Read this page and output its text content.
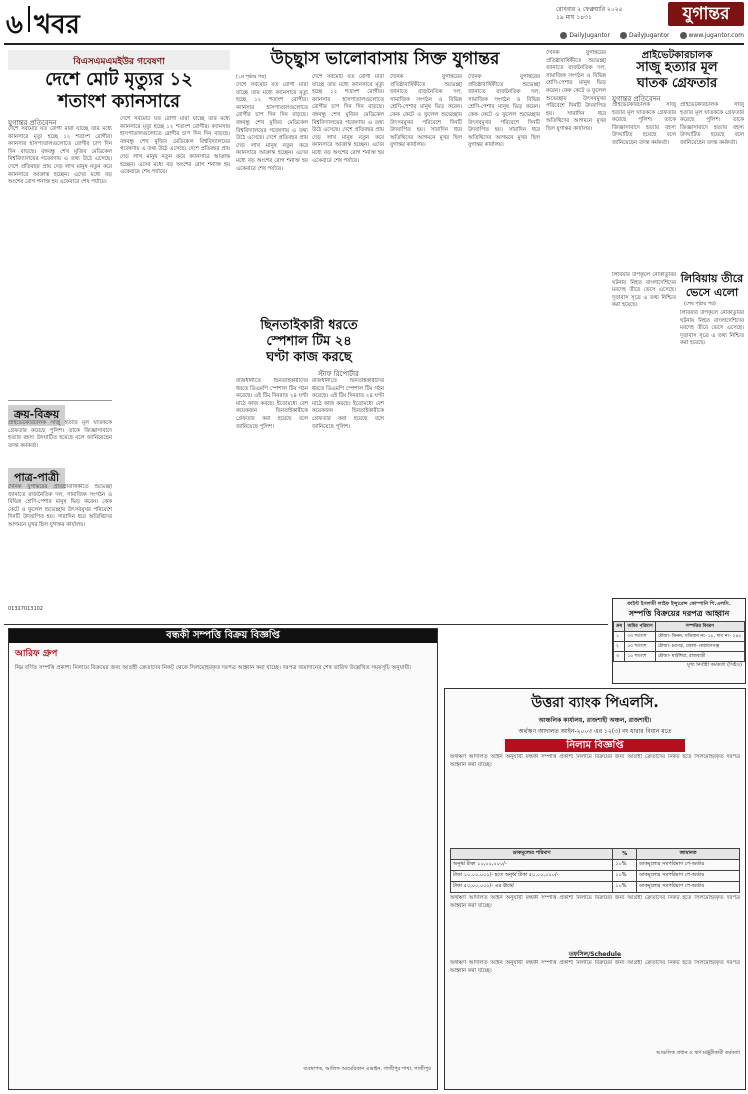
৬ খবর
রোববার ২ ফেব্রুয়ারি ২০২৫
১৯ মাঘ ১৪৩১	যুগান্তর
DailyJugantor	DailyJugantor	www.jugantor.com
বিএসএমএমইউর গবেষণা
দেশে মোট মৃত্যুর ১২
শতাংশ ক্যানসারে
যুগান্তর প্রতিবেদন
দেশে সর্বমোট যত রোগী মারা যাচ্ছে তার মধ্যে ক্যানসারে মৃত্যু হচ্ছে ১২ শতাংশ রোগীর। ক্যানসার হাসপাতালগুলোতে রোগীর চাপ দিন দিন বাড়ছে। বঙ্গবন্ধু শেখ মুজিব মেডিকেল বিশ্ববিদ্যালয়ের গবেষণায় এ তথ্য উঠে এসেছে। দেশে প্রতিবছর প্রায় দেড় লাখ মানুষ নতুন করে ক্যানসারে আক্রান্ত হচ্ছেন। এদের মধ্যে বড় অংশের রোগ শনাক্ত হয় একেবারে শেষ পর্যায়ে।
দেশে সর্বমোট যত রোগী মারা যাচ্ছে তার মধ্যে ক্যানসারে মৃত্যু হচ্ছে ১২ শতাংশ রোগীর। ক্যানসার হাসপাতালগুলোতে রোগীর চাপ দিন দিন বাড়ছে। বঙ্গবন্ধু শেখ মুজিব মেডিকেল বিশ্ববিদ্যালয়ের গবেষণায় এ তথ্য উঠে এসেছে। দেশে প্রতিবছর প্রায় দেড় লাখ মানুষ নতুন করে ক্যানসারে আক্রান্ত হচ্ছেন। এদের মধ্যে বড় অংশের রোগ শনাক্ত হয় একেবারে শেষ পর্যায়ে।
ক্রয়-বিক্রয়
প্রাইভেটকারচালক সাজু হত্যার মূল ঘাতককে গ্রেফতার করেছে পুলিশ। তাকে জিজ্ঞাসাবাদে হত্যার রহস্য উদঘাটিত হয়েছে বলে জানিয়েছেন তদন্ত কর্মকর্তা।
পাত্র-পাত্রী
দৈনিক যুগান্তরের প্রতিষ্ঠাবার্ষিকীতে শুভেচ্ছা জানাতে রাজনৈতিক দল, সামাজিক সংগঠন ও বিভিন্ন শ্রেণি-পেশার মানুষ ভিড় করেন। কেক কেটে ও ফুলেল শুভেচ্ছায় উৎসবমুখর পরিবেশে দিনটি উদযাপিত হয়। সারাদিন ধরে অতিথিদের আগমনে মুখর ছিল যুগান্তর কার্যালয়।
01317013102
উচ্ছ্বাস ভালোবাসায় সিক্ত যুগান্তর
(১ম পৃষ্ঠার পর)
দেশে সর্বমোট যত রোগী মারা যাচ্ছে তার মধ্যে ক্যানসারে মৃত্যু হচ্ছে ১২ শতাংশ রোগীর। ক্যানসার হাসপাতালগুলোতে রোগীর চাপ দিন দিন বাড়ছে। বঙ্গবন্ধু শেখ মুজিব মেডিকেল বিশ্ববিদ্যালয়ের গবেষণায় এ তথ্য উঠে এসেছে। দেশে প্রতিবছর প্রায় দেড় লাখ মানুষ নতুন করে ক্যানসারে আক্রান্ত হচ্ছেন। এদের মধ্যে বড় অংশের রোগ শনাক্ত হয় একেবারে শেষ পর্যায়ে।
দেশে সর্বমোট যত রোগী মারা যাচ্ছে তার মধ্যে ক্যানসারে মৃত্যু হচ্ছে ১২ শতাংশ রোগীর। ক্যানসার হাসপাতালগুলোতে রোগীর চাপ দিন দিন বাড়ছে। বঙ্গবন্ধু শেখ মুজিব মেডিকেল বিশ্ববিদ্যালয়ের গবেষণায় এ তথ্য উঠে এসেছে। দেশে প্রতিবছর প্রায় দেড় লাখ মানুষ নতুন করে ক্যানসারে আক্রান্ত হচ্ছেন। এদের মধ্যে বড় অংশের রোগ শনাক্ত হয় একেবারে শেষ পর্যায়ে।
দৈনিক যুগান্তরের প্রতিষ্ঠাবার্ষিকীতে শুভেচ্ছা জানাতে রাজনৈতিক দল, সামাজিক সংগঠন ও বিভিন্ন শ্রেণি-পেশার মানুষ ভিড় করেন। কেক কেটে ও ফুলেল শুভেচ্ছায় উৎসবমুখর পরিবেশে দিনটি উদযাপিত হয়। সারাদিন ধরে অতিথিদের আগমনে মুখর ছিল যুগান্তর কার্যালয়।
দৈনিক যুগান্তরের প্রতিষ্ঠাবার্ষিকীতে শুভেচ্ছা জানাতে রাজনৈতিক দল, সামাজিক সংগঠন ও বিভিন্ন শ্রেণি-পেশার মানুষ ভিড় করেন। কেক কেটে ও ফুলেল শুভেচ্ছায় উৎসবমুখর পরিবেশে দিনটি উদযাপিত হয়। সারাদিন ধরে অতিথিদের আগমনে মুখর ছিল যুগান্তর কার্যালয়।
ছিনতাইকারী ধরতে
স্পেশাল টিম ২৪
ঘণ্টা কাজ করছে
স্টাফ রিপোর্টার
রাজধানীতে ছিনতাইকারীদের ধরতে ডিএমপি স্পেশাল টিম গঠন করেছে। এই টিম দিনরাত ২৪ ঘণ্টা মাঠে কাজ করছে। ইতোমধ্যে বেশ কয়েকজন ছিনতাইকারীকে গ্রেফতার করা হয়েছে বলে জানিয়েছে পুলিশ।
রাজধানীতে ছিনতাইকারীদের ধরতে ডিএমপি স্পেশাল টিম গঠন করেছে। এই টিম দিনরাত ২৪ ঘণ্টা মাঠে কাজ করছে। ইতোমধ্যে বেশ কয়েকজন ছিনতাইকারীকে গ্রেফতার করা হয়েছে বলে জানিয়েছে পুলিশ।
দৈনিক যুগান্তরের প্রতিষ্ঠাবার্ষিকীতে শুভেচ্ছা জানাতে রাজনৈতিক দল, সামাজিক সংগঠন ও বিভিন্ন শ্রেণি-পেশার মানুষ ভিড় করেন। কেক কেটে ও ফুলেল শুভেচ্ছায় উৎসবমুখর পরিবেশে দিনটি উদযাপিত হয়। সারাদিন ধরে অতিথিদের আগমনে মুখর ছিল যুগান্তর কার্যালয়।
প্রাইভেটকারচালক
সাজু হত্যার মূল
ঘাতক গ্রেফতার
যুগান্তর প্রতিবেদন
প্রাইভেটকারচালক সাজু হত্যার মূল ঘাতককে গ্রেফতার করেছে পুলিশ। তাকে জিজ্ঞাসাবাদে হত্যার রহস্য উদঘাটিত হয়েছে বলে জানিয়েছেন তদন্ত কর্মকর্তা।
প্রাইভেটকারচালক সাজু হত্যার মূল ঘাতককে গ্রেফতার করেছে পুলিশ। তাকে জিজ্ঞাসাবাদে হত্যার রহস্য উদঘাটিত হয়েছে বলে জানিয়েছেন তদন্ত কর্মকর্তা।
লিবিয়ায় তীরে
ভেসে এলো
(শেষ পৃষ্ঠার পর)
লিবিয়ার উপকূলে নৌকাডুবির ঘটনায় নিহত বাংলাদেশিদের মরদেহ তীরে ভেসে এসেছে। দূতাবাস সূত্রে এ তথ্য নিশ্চিত করা হয়েছে।
লিবিয়ার উপকূলে নৌকাডুবির ঘটনায় নিহত বাংলাদেশিদের মরদেহ তীরে ভেসে এসেছে। দূতাবাস সূত্রে এ তথ্য নিশ্চিত করা হয়েছে।
ফাইন্ট ইসলামী লাইফ ইন্স্যুরেন্স কোম্পানি পি.এলসি.
সম্পত্তি বিক্রয়ের দরপত্র আহ্বান
ক্রম	জমির পরিমাণ	সম্পত্তির বিবরণ
১	৩৩ শতাংশ	মৌজা- ডিনন, খতিয়ান নং- ১৮, দাগ নং- ২৪৫
২	৫০ শতাংশ	মৌজা- চরগড়, জেলা- নারায়ণগঞ্জ
৩	১৫ শতাংশ	মৌজা- ঘাটশিয়া, রাজবাড়ী
মুখ্য নির্বাহী কর্মকর্তা (সিইও)
বন্ধকী সম্পত্তি বিক্রয় বিজ্ঞপ্তি
আরিফ গ্রুপ
নিম্ন বর্ণিত সম্পত্তি প্রকাশ্য নিলামে বিক্রয়ের জন্য আগ্রহী ক্রেতাদের নিকট থেকে সিলমোহরকৃত দরপত্র আহ্বান করা যাচ্ছে। দরপত্র জমাদানের শেষ তারিখ উল্লেখিত সময়সূচি অনুযায়ী।
ব্যবস্থাপক, আলিফ আমেরিকান এভাইন, গাজীপুর শাখা, গাজীপুর
উত্তরা ব্যাংক পিএলসি.
আঞ্চলিক কার্যালয়, রাজশাহী অঞ্চল, রাজশাহী।
অর্থঋণ আদালত আইন-২০০৩ এর ১২(৩) নং ধারার বিধান মতে
নিলাম বিজ্ঞপ্তি
অর্থঋণ আদালত আইন অনুযায়ী বন্ধকী সম্পত্তি প্রকাশ্য নিলামে বিক্রয়ের জন্য আগ্রহী ক্রেতাদের নিকট হতে সিলমোহরকৃত দরপত্র আহ্বান করা যাচ্ছে।
ডাকমূল্যের পরিমাণ	%	জামানত
অনূর্ধ্ব টাকা ১০,০০,০০০/-	১০%	ডাকমূল্যের সমপরিমাণ পে-অর্ডার
টাকা ১০,০০,০০১/- হতে অনূর্ধ্ব টাকা ৫০,০০,০০০/-	১০%	ডাকমূল্যের সমপরিমাণ পে-অর্ডার
টাকা ৫০,০০,০০১/- এর ঊর্ধ্বে	১০%	ডাকমূল্যের সমপরিমাণ পে-অর্ডার
অর্থঋণ আদালত আইন অনুযায়ী বন্ধকী সম্পত্তি প্রকাশ্য নিলামে বিক্রয়ের জন্য আগ্রহী ক্রেতাদের নিকট হতে সিলমোহরকৃত দরপত্র আহ্বান করা যাচ্ছে।
তফসিল/Schedule
অর্থঋণ আদালত আইন অনুযায়ী বন্ধকী সম্পত্তি প্রকাশ্য নিলামে বিক্রয়ের জন্য আগ্রহী ক্রেতাদের নিকট হতে সিলমোহরকৃত দরপত্র আহ্বান করা যাচ্ছে।
আঞ্চলিক প্রধান ও ঋণ মঞ্জুরীকারী কর্মকর্তা
